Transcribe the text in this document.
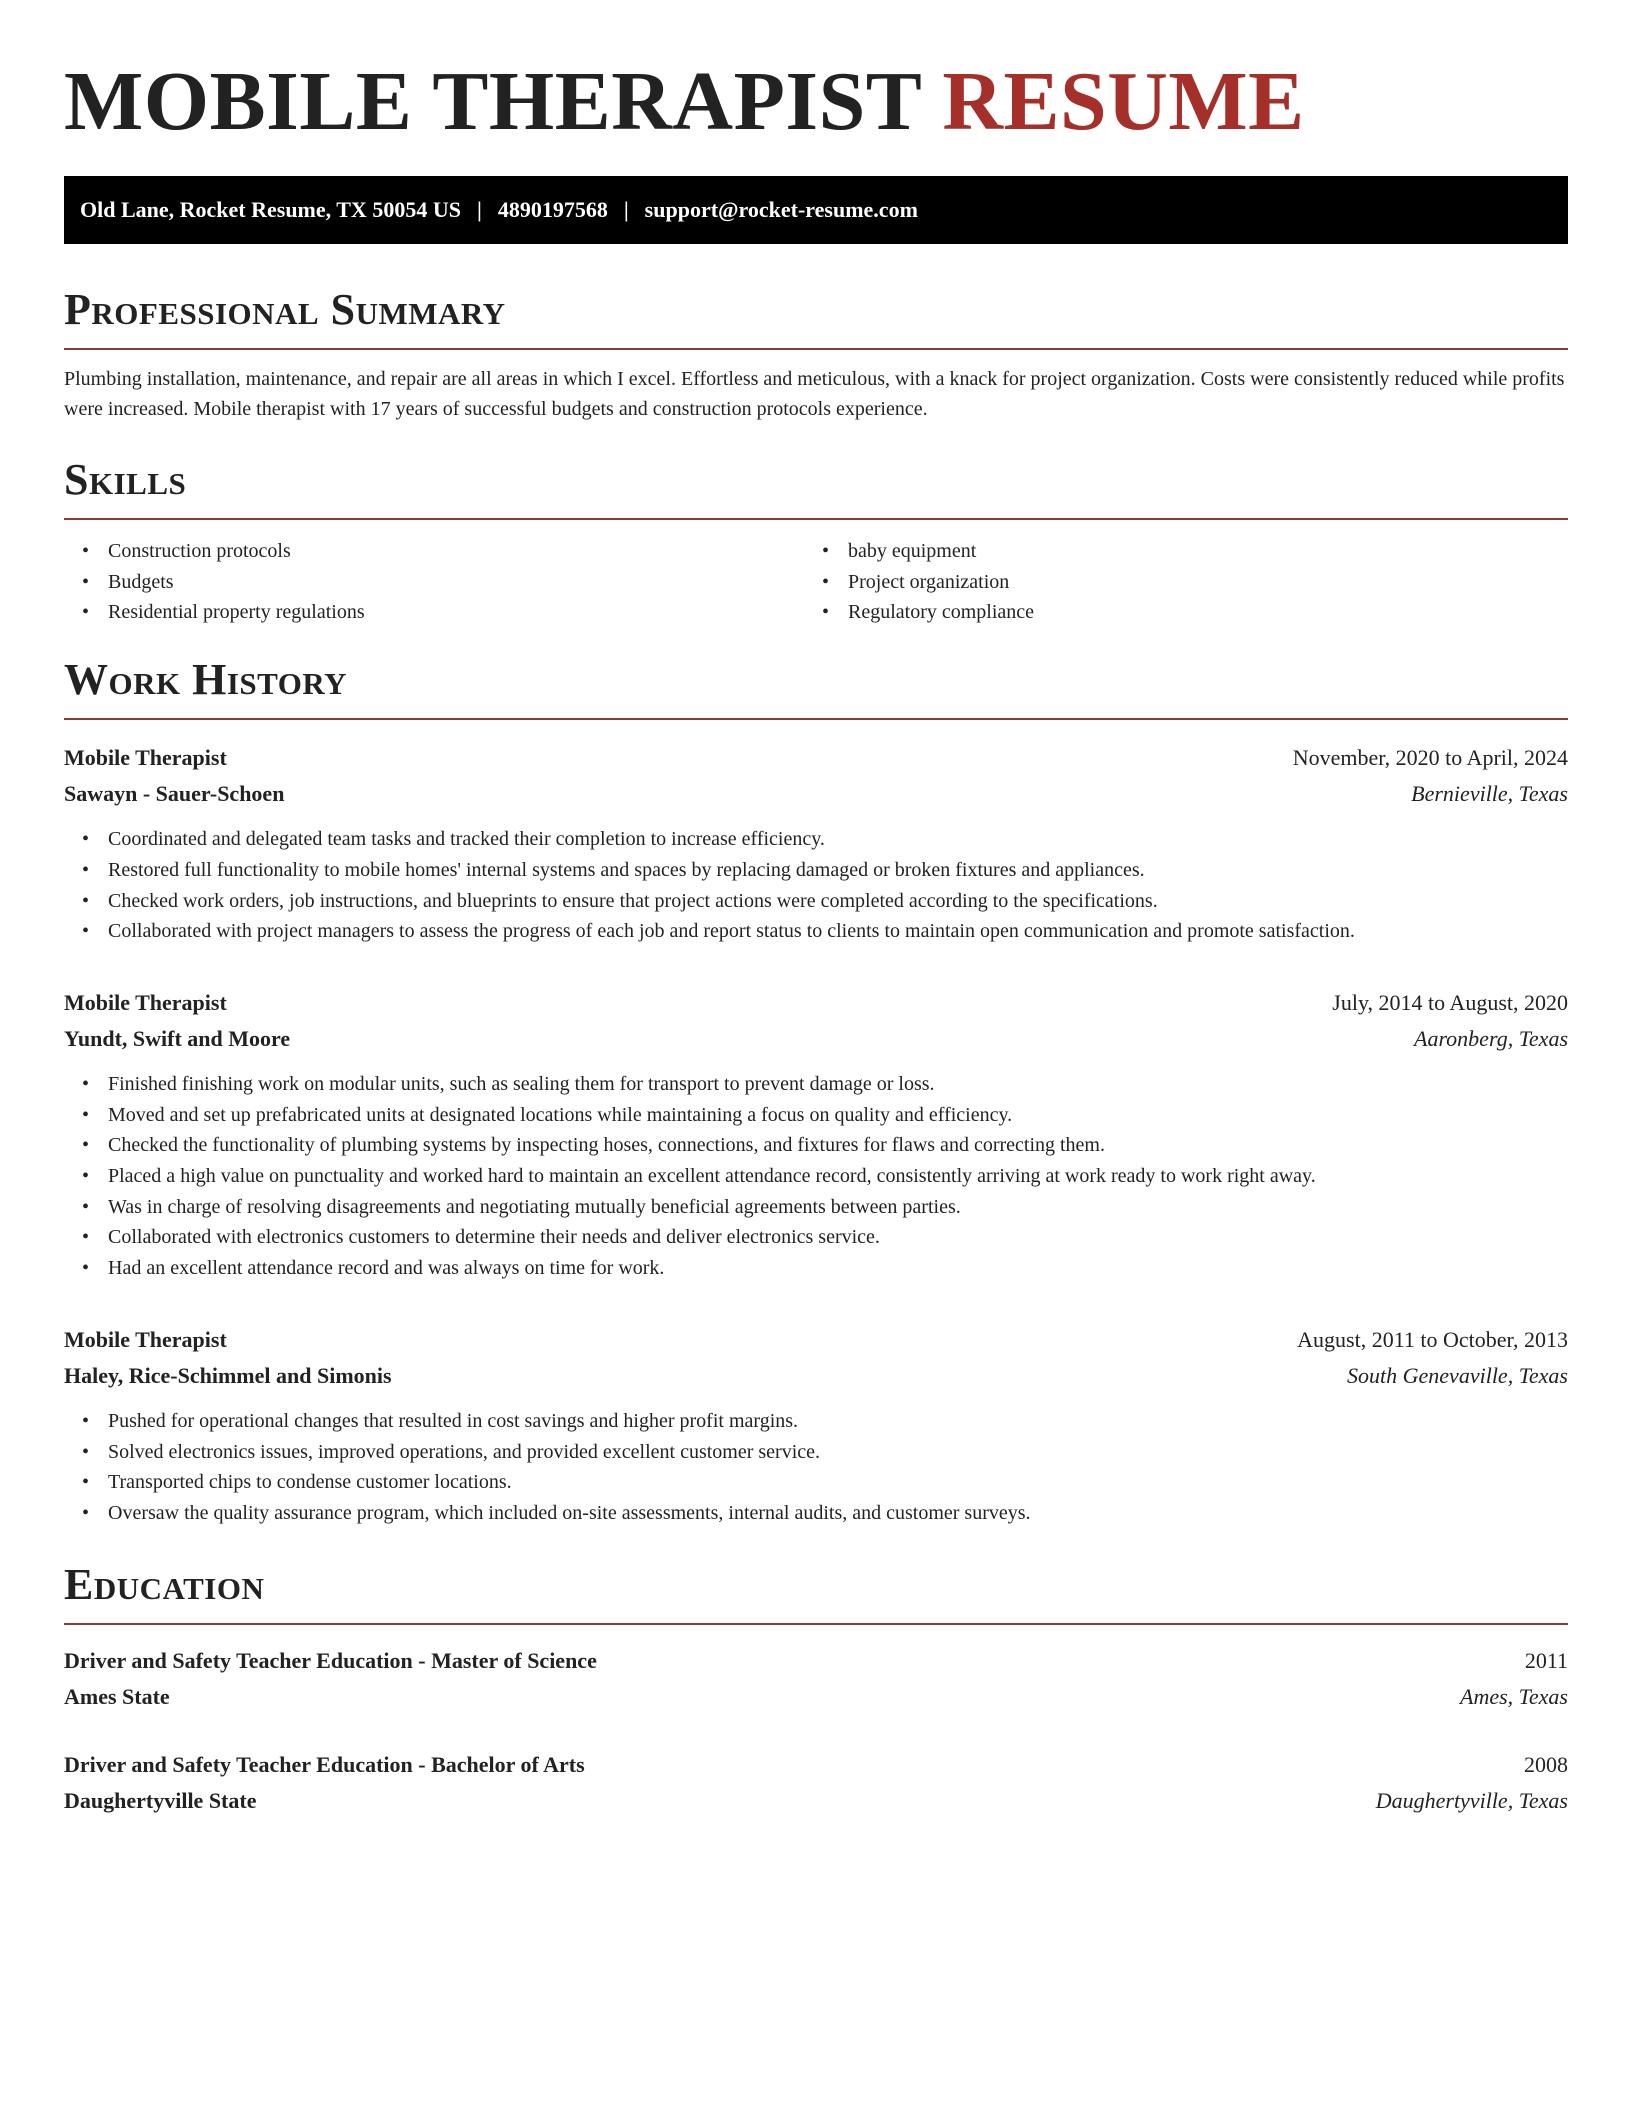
MOBILE THERAPIST RESUME
Old Lane, Rocket Resume, TX 50054 US | 4890197568 | support@rocket-resume.com
Professional Summary

Plumbing installation, maintenance, and repair are all areas in which I excel. Effortless and meticulous, with a knack for project organization. Costs were consistently reduced while profits were increased. Mobile therapist with 17 years of successful budgets and construction protocols experience.

Skills
• Construction protocols
• Budgets
• Residential property regulations
• baby equipment
• Project organization
• Regulatory compliance
Work History
Mobile Therapist	November, 2020 to April, 2024
Sawayn - Sauer-Schoen	Bernieville, Texas
• Coordinated and delegated team tasks and tracked their completion to increase efficiency.
• Restored full functionality to mobile homes' internal systems and spaces by replacing damaged or broken fixtures and appliances.
• Checked work orders, job instructions, and blueprints to ensure that project actions were completed according to the specifications.
• Collaborated with project managers to assess the progress of each job and report status to clients to maintain open communication and promote satisfaction.
Mobile Therapist	July, 2014 to August, 2020
Yundt, Swift and Moore	Aaronberg, Texas
• Finished finishing work on modular units, such as sealing them for transport to prevent damage or loss.
• Moved and set up prefabricated units at designated locations while maintaining a focus on quality and efficiency.
• Checked the functionality of plumbing systems by inspecting hoses, connections, and fixtures for flaws and correcting them.
• Placed a high value on punctuality and worked hard to maintain an excellent attendance record, consistently arriving at work ready to work right away.
• Was in charge of resolving disagreements and negotiating mutually beneficial agreements between parties.
• Collaborated with electronics customers to determine their needs and deliver electronics service.
• Had an excellent attendance record and was always on time for work.
Mobile Therapist	August, 2011 to October, 2013
Haley, Rice-Schimmel and Simonis	South Genevaville, Texas
• Pushed for operational changes that resulted in cost savings and higher profit margins.
• Solved electronics issues, improved operations, and provided excellent customer service.
• Transported chips to condense customer locations.
• Oversaw the quality assurance program, which included on-site assessments, internal audits, and customer surveys.
Education
Driver and Safety Teacher Education - Master of Science	2011
Ames State	Ames, Texas
Driver and Safety Teacher Education - Bachelor of Arts	2008
Daughertyville State	Daughertyville, Texas
